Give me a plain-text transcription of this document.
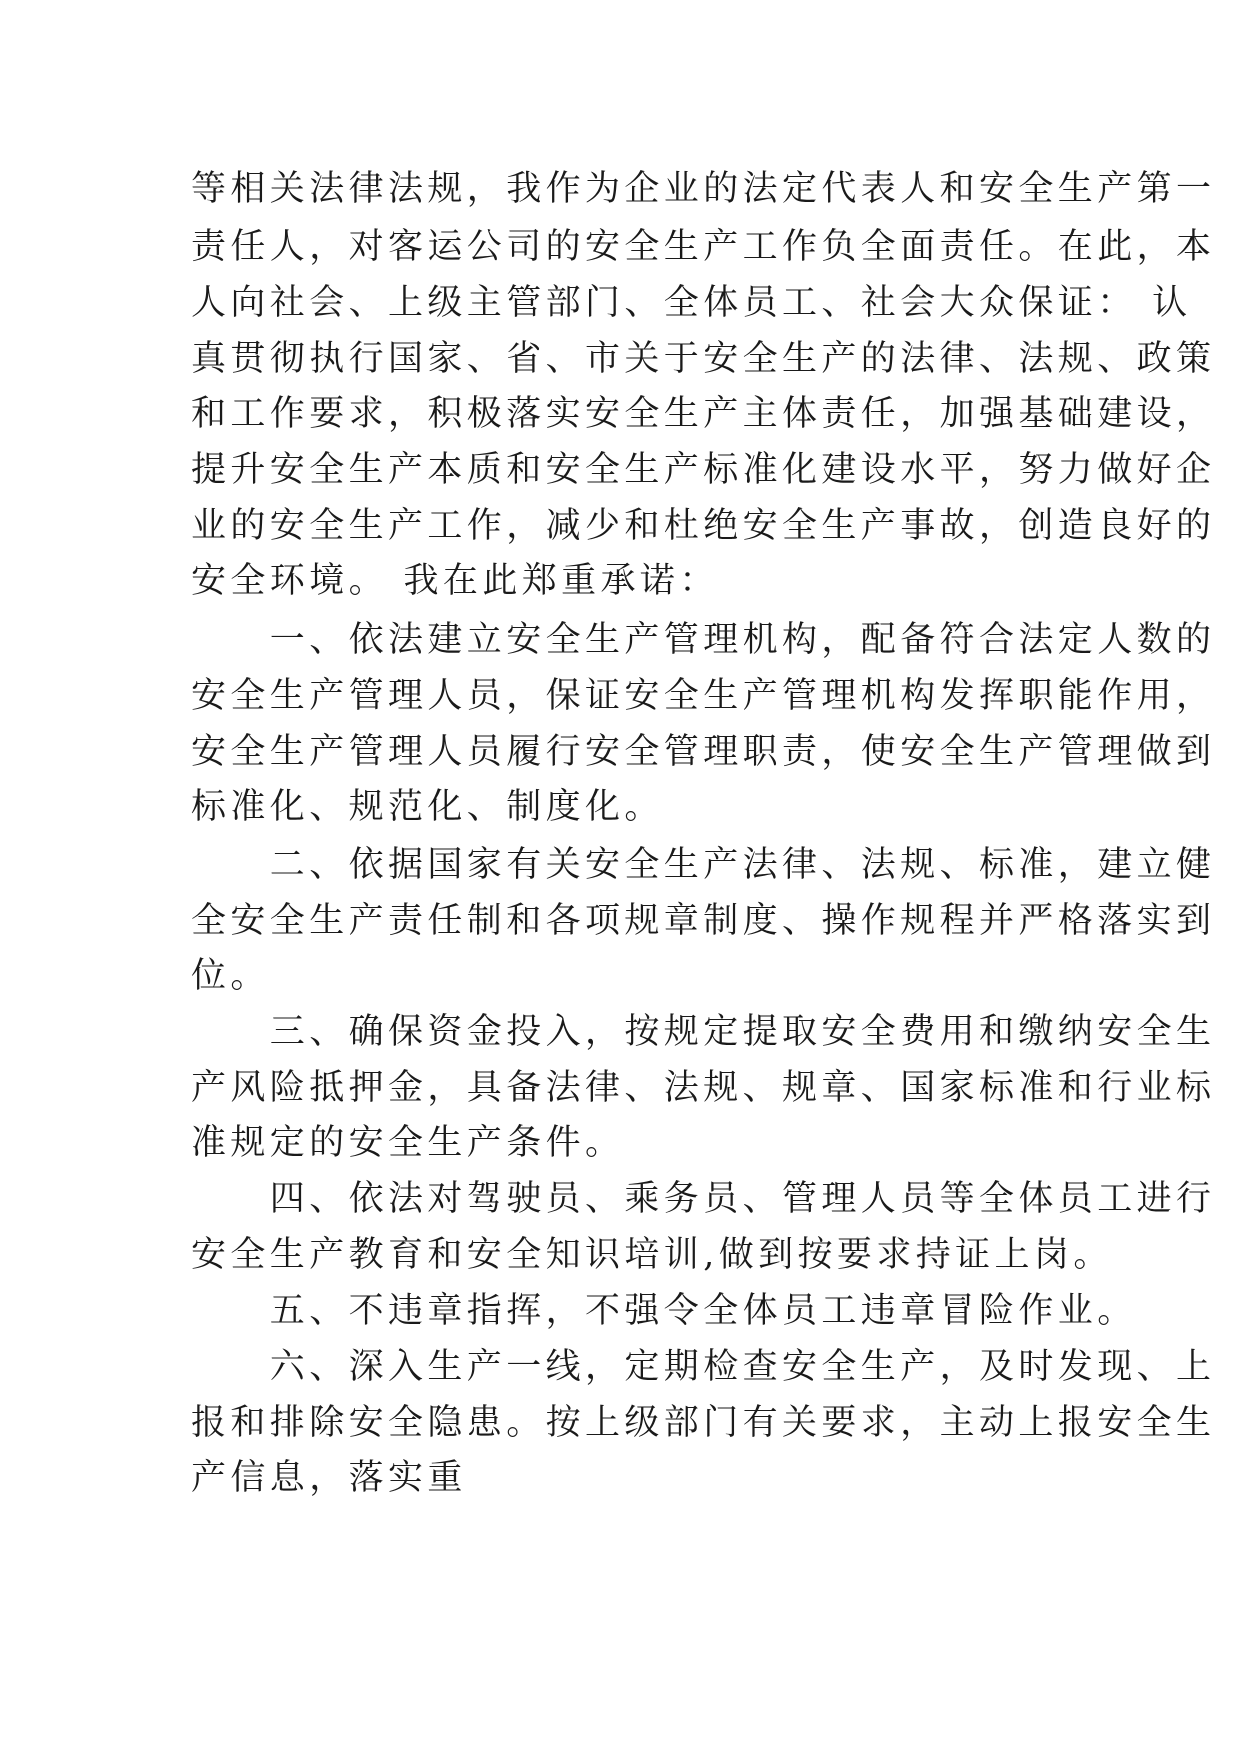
等相关法律法规，我作为企业的法定代表人和安全生产第一
责任人，对客运公司的安全生产工作负全面责任。在此，本
人向社会、上级主管部门、全体员工、社会大众保证： 认
真贯彻执行国家、省、市关于安全生产的法律、法规、政策
和工作要求，积极落实安全生产主体责任，加强基础建设，
提升安全生产本质和安全生产标准化建设水平，努力做好企
业的安全生产工作，减少和杜绝安全生产事故，创造良好的
安全环境。 我在此郑重承诺：
　　一、依法建立安全生产管理机构，配备符合法定人数的
安全生产管理人员，保证安全生产管理机构发挥职能作用，
安全生产管理人员履行安全管理职责，使安全生产管理做到
标准化、规范化、制度化。
　　二、依据国家有关安全生产法律、法规、标准，建立健
全安全生产责任制和各项规章制度、操作规程并严格落实到
位。
　　三、确保资金投入，按规定提取安全费用和缴纳安全生
产风险抵押金，具备法律、法规、规章、国家标准和行业标
准规定的安全生产条件。
　　四、依法对驾驶员、乘务员、管理人员等全体员工进行
安全生产教育和安全知识培训,做到按要求持证上岗。
　　五、不违章指挥，不强令全体员工违章冒险作业。
　　六、深入生产一线，定期检查安全生产，及时发现、上
报和排除安全隐患。按上级部门有关要求，主动上报安全生
产信息，落实重
